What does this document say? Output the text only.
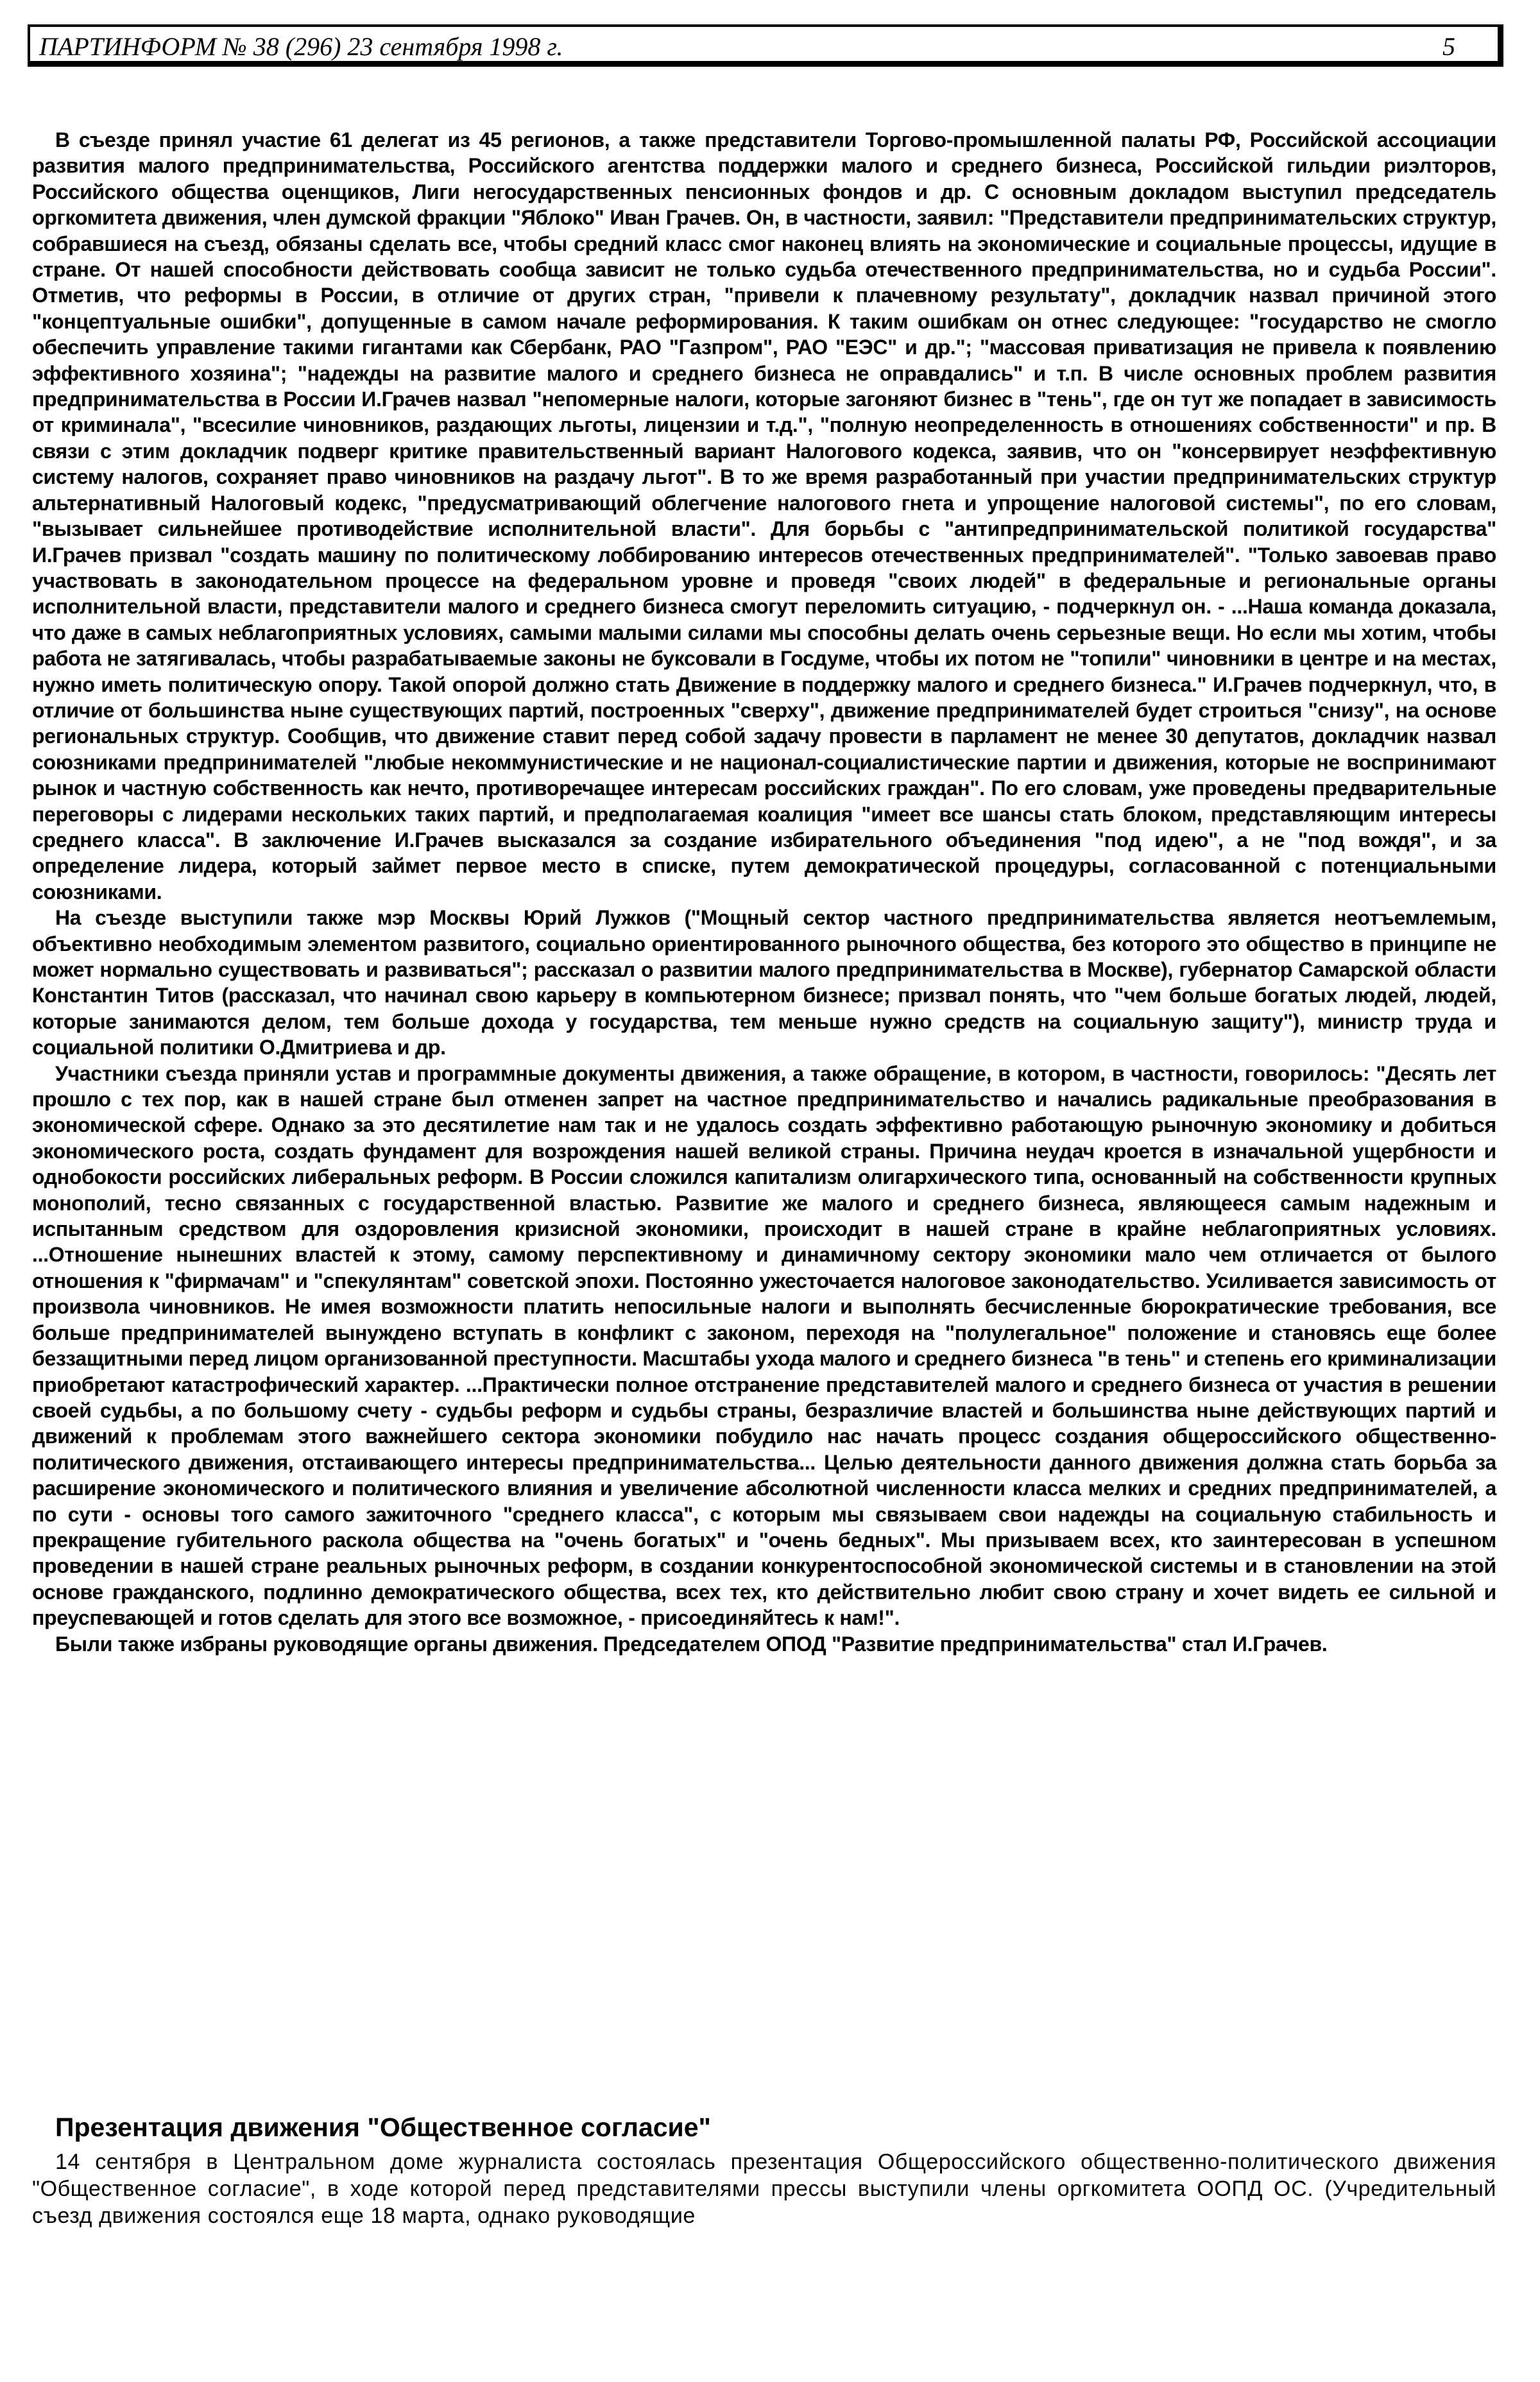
ПАРТИНФОРМ № 38 (296) 23 сентября 1998 г.	5

В съезде принял участие 61 делегат из 45 регионов, а также представители Торгово-промышленной палаты РФ, Российской ассоциации развития малого предпринимательства, Российского агентства поддержки малого и среднего бизнеса, Российской гильдии риэлторов, Российского общества оценщиков, Лиги негосударственных пенсионных фондов и др. С основным докладом выступил председатель оргкомитета движения, член думской фракции "Яблоко" Иван Грачев. Он, в частности, заявил: "Представители предпринимательских структур, собравшиеся на съезд, обязаны сделать все, чтобы средний класс смог наконец влиять на экономические и социальные процессы, идущие в стране. От нашей способности действовать сообща зависит не только судьба отечественного предпринимательства, но и судьба России". Отметив, что реформы в России, в отличие от других стран, "привели к плачевному результату", докладчик назвал причиной этого "концептуальные ошибки", допущенные в самом начале реформирования. К таким ошибкам он отнес следующее: "государство не смогло обеспечить управление такими гигантами как Сбербанк, РАО "Газпром", РАО "ЕЭС" и др."; "массовая приватизация не привела к появлению эффективного хозяина"; "надежды на развитие малого и среднего бизнеса не оправдались" и т.п. В числе основных проблем развития предпринимательства в России И.Грачев назвал "непомерные налоги, которые загоняют бизнес в "тень", где он тут же попадает в зависимость от криминала", "всесилие чиновников, раздающих льготы, лицензии и т.д.", "полную неопределенность в отношениях собственности" и пр. В связи с этим докладчик подверг критике правительственный вариант Налогового кодекса, заявив, что он "консервирует неэффективную систему налогов, сохраняет право чиновников на раздачу льгот". В то же время разработанный при участии предпринимательских структур альтернативный Налоговый кодекс, "предусматривающий облегчение налогового гнета и упрощение налоговой системы", по его словам, "вызывает сильнейшее противодействие исполнительной власти". Для борьбы с "антипредпринимательской политикой государства" И.Грачев призвал "создать машину по политическому лоббированию интересов отечественных предпринимателей". "Только завоевав право участвовать в законодательном процессе на федеральном уровне и проведя "своих людей" в федеральные и региональные органы исполнительной власти, представители малого и среднего бизнеса смогут переломить ситуацию, - подчеркнул он. - ...Наша команда доказала, что даже в самых неблагоприятных условиях, самыми малыми силами мы способны делать очень серьезные вещи. Но если мы хотим, чтобы работа не затягивалась, чтобы разрабатываемые законы не буксовали в Госдуме, чтобы их потом не "топили" чиновники в центре и на местах, нужно иметь политическую опору. Такой опорой должно стать Движение в поддержку малого и среднего бизнеса." И.Грачев подчеркнул, что, в отличие от большинства ныне существующих партий, построенных "сверху", движение предпринимателей будет строиться "снизу", на основе региональных структур. Сообщив, что движение ставит перед собой задачу провести в парламент не менее 30 депутатов, докладчик назвал союзниками предпринимателей "любые некоммунистические и не национал-социалистические партии и движения, которые не воспринимают рынок и частную собственность как нечто, противоречащее интересам российских граждан". По его словам, уже проведены предварительные переговоры с лидерами нескольких таких партий, и предполагаемая коалиция "имеет все шансы стать блоком, представляющим интересы среднего класса". В заключение И.Грачев высказался за создание избирательного объединения "под идею", а не "под вождя", и за определение лидера, который займет первое место в списке, путем демократической процедуры, согласованной с потенциальными союзниками.

На съезде выступили также мэр Москвы Юрий Лужков ("Мощный сектор частного предпринимательства является неотъемлемым, объективно необходимым элементом развитого, социально ориентированного рыночного общества, без которого это общество в принципе не может нормально существовать и развиваться"; рассказал о развитии малого предпринимательства в Москве), губернатор Самарской области Константин Титов (рассказал, что начинал свою карьеру в компьютерном бизнесе; призвал понять, что "чем больше богатых людей, людей, которые занимаются делом, тем больше дохода у государства, тем меньше нужно средств на социальную защиту"), министр труда и социальной политики О.Дмитриева и др.

Участники съезда приняли устав и программные документы движения, а также обращение, в котором, в частности, говорилось: "Десять лет прошло с тех пор, как в нашей стране был отменен запрет на частное предпринимательство и начались радикальные преобразования в экономической сфере. Однако за это десятилетие нам так и не удалось создать эффективно работающую рыночную экономику и добиться экономического роста, создать фундамент для возрождения нашей великой страны. Причина неудач кроется в изначальной ущербности и однобокости российских либеральных реформ. В России сложился капитализм олигархического типа, основанный на собственности крупных монополий, тесно связанных с государственной властью. Развитие же малого и среднего бизнеса, являющееся самым надежным и испытанным средством для оздоровления кризисной экономики, происходит в нашей стране в крайне неблагоприятных условиях. ...Отношение нынешних властей к этому, самому перспективному и динамичному сектору экономики мало чем отличается от былого отношения к "фирмачам" и "спекулянтам" советской эпохи. Постоянно ужесточается налоговое законодательство. Усиливается зависимость от произвола чиновников. Не имея возможности платить непосильные налоги и выполнять бесчисленные бюрократические требования, все больше предпринимателей вынуждено вступать в конфликт с законом, переходя на "полулегальное" положение и становясь еще более беззащитными перед лицом организованной преступности. Масштабы ухода малого и среднего бизнеса "в тень" и степень его криминализации приобретают катастрофический характер. ...Практически полное отстранение представителей малого и среднего бизнеса от участия в решении своей судьбы, а по большому счету - судьбы реформ и судьбы страны, безразличие властей и большинства ныне действующих партий и движений к проблемам этого важнейшего сектора экономики побудило нас начать процесс создания общероссийского общественно-политического движения, отстаивающего интересы предпринимательства... Целью деятельности данного движения должна стать борьба за расширение экономического и политического влияния и увеличение абсолютной численности класса мелких и средних предпринимателей, а по сути - основы того самого зажиточного "среднего класса", с которым мы связываем свои надежды на социальную стабильность и прекращение губительного раскола общества на "очень богатых" и "очень бедных". Мы призываем всех, кто заинтересован в успешном проведении в нашей стране реальных рыночных реформ, в создании конкурентоспособной экономической системы и в становлении на этой основе гражданского, подлинно демократического общества, всех тех, кто действительно любит свою страну и хочет видеть ее сильной и преуспевающей и готов сделать для этого все возможное, - присоединяйтесь к нам!".

Были также избраны руководящие органы движения. Председателем ОПОД "Развитие предпринимательства" стал И.Грачев.

Презентация движения "Общественное согласие"

14 сентября в Центральном доме журналиста состоялась презентация Общероссийского общественно-политического движения "Общественное согласие", в ходе которой перед представителями прессы выступили члены оргкомитета ООПД ОС. (Учредительный съезд движения состоялся еще 18 марта, однако руководящие
